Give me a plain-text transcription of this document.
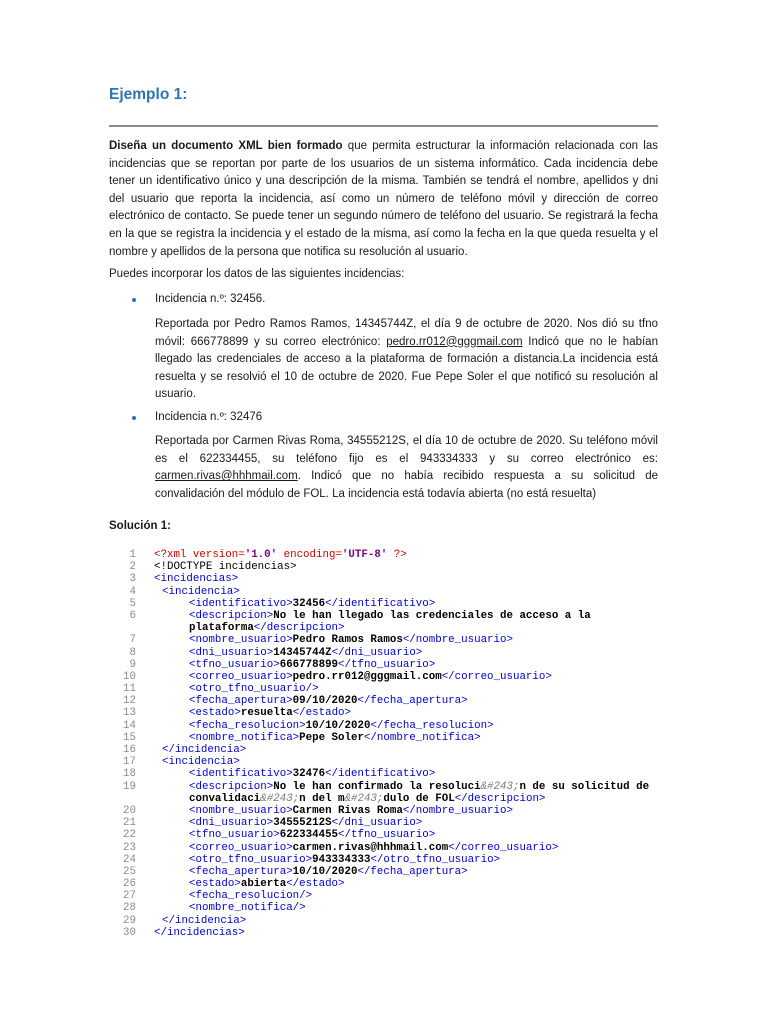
Ejemplo 1:

Diseña un documento XML bien formado que permita estructurar la información relacionada con las incidencias que se reportan por parte de los usuarios de un sistema informático. Cada incidencia debe tener un identificativo único y una descripción de la misma. También se tendrá el nombre, apellidos y dni del usuario que reporta la incidencia, así como un número de teléfono móvil y dirección de correo electrónico de contacto. Se puede tener un segundo número de teléfono del usuario. Se registrará la fecha en la que se registra la incidencia y el estado de la misma, así como la fecha en la que queda resuelta y el nombre y apellidos de la persona que notifica su resolución al usuario.

Puedes incorporar los datos de las siguientes incidencias:

Incidencia n.º: 32456.

Reportada por Pedro Ramos Ramos, 14345744Z, el día 9 de octubre de 2020. Nos dió su tfno móvil: 666778899 y su correo electrónico: pedro.rr012@gggmail.com Indicó que no le habían llegado las credenciales de acceso a la plataforma de formación a distancia.La incidencia está resuelta y se resolvió el 10 de octubre de 2020. Fue Pepe Soler el que notificó su resolución al usuario.

Incidencia n.º: 32476

Reportada por Carmen Rivas Roma, 34555212S, el día 10 de octubre de 2020. Su teléfono móvil es el 622334455, su teléfono fijo es el 943334333 y su correo electrónico es: carmen.rivas@hhhmail.com. Indicó que no había recibido respuesta a su solicitud de convalidación del módulo de FOL. La incidencia está todavía abierta (no está resuelta)

Solución 1:

1	<?xml version='1.0' encoding='UTF-8' ?>
2	<!DOCTYPE incidencias>
3	<incidencias>
4	<incidencia>
5	<identificativo>32456</identificativo>
6	<descripcion>No le han llegado las credenciales de acceso a la
plataforma</descripcion>
7	<nombre_usuario>Pedro Ramos Ramos</nombre_usuario>
8	<dni_usuario>14345744Z</dni_usuario>
9	<tfno_usuario>666778899</tfno_usuario>
10	<correo_usuario>pedro.rr012@gggmail.com</correo_usuario>
11	<otro_tfno_usuario/>
12	<fecha_apertura>09/10/2020</fecha_apertura>
13	<estado>resuelta</estado>
14	<fecha_resolucion>10/10/2020</fecha_resolucion>
15	<nombre_notifica>Pepe Soler</nombre_notifica>
16	</incidencia>
17	<incidencia>
18	<identificativo>32476</identificativo>
19	<descripcion>No le han confirmado la resoluci&#243;n de su solicitud de
convalidaci&#243;n del m&#243;dulo de FOL</descripcion>
20	<nombre_usuario>Carmen Rivas Roma</nombre_usuario>
21	<dni_usuario>34555212S</dni_usuario>
22	<tfno_usuario>622334455</tfno_usuario>
23	<correo_usuario>carmen.rivas@hhhmail.com</correo_usuario>
24	<otro_tfno_usuario>943334333</otro_tfno_usuario>
25	<fecha_apertura>10/10/2020</fecha_apertura>
26	<estado>abierta</estado>
27	<fecha_resolucion/>
28	<nombre_notifica/>
29	</incidencia>
30	</incidencias>
